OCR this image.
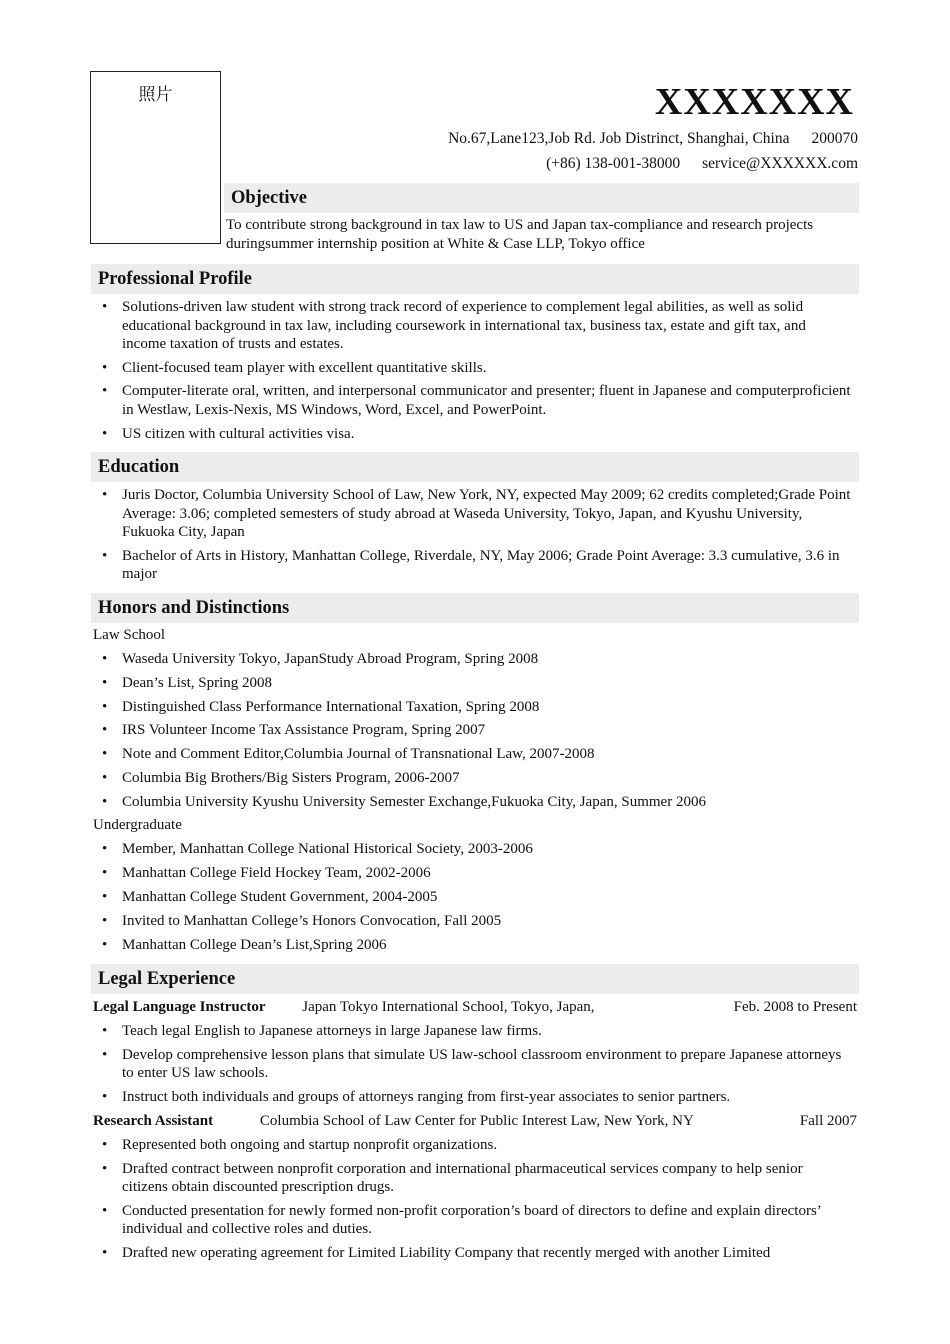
照片	XXXXXXX
No.67,Lane123,Job Rd. Job Distrinct, Shanghai, China 200070
(+86) 138-001-38000 service@XXXXXX.com
Objective
To contribute strong background in tax law to US and Japan tax-compliance and research projects
duringsummer internship position at White & Case LLP, Tokyo office
Professional Profile
• Solutions-driven law student with strong track record of experience to complement legal abilities, as well as solid educational background in tax law, including coursework in international tax, business tax, estate and gift tax, and income taxation of trusts and estates.
• Client-focused team player with excellent quantitative skills.
• Computer-literate oral, written, and interpersonal communicator and presenter; fluent in Japanese and computerproficient in Westlaw, Lexis-Nexis, MS Windows, Word, Excel, and PowerPoint.
• US citizen with cultural activities visa.
Education
• Juris Doctor, Columbia University School of Law, New York, NY, expected May 2009; 62 credits completed;Grade Point Average: 3.06; completed semesters of study abroad at Waseda University, Tokyo, Japan, and Kyushu University, Fukuoka City, Japan
• Bachelor of Arts in History, Manhattan College, Riverdale, NY, May 2006; Grade Point Average: 3.3 cumulative, 3.6 in major
Honors and Distinctions
Law School
• Waseda University Tokyo, JapanStudy Abroad Program, Spring 2008
• Dean’s List, Spring 2008
• Distinguished Class Performance International Taxation, Spring 2008
• IRS Volunteer Income Tax Assistance Program, Spring 2007
• Note and Comment Editor,Columbia Journal of Transnational Law, 2007-2008
• Columbia Big Brothers/Big Sisters Program, 2006-2007
• Columbia University Kyushu University Semester Exchange,Fukuoka City, Japan, Summer 2006
Undergraduate
• Member, Manhattan College National Historical Society, 2003-2006
• Manhattan College Field Hockey Team, 2002-2006
• Manhattan College Student Government, 2004-2005
• Invited to Manhattan College’s Honors Convocation, Fall 2005
• Manhattan College Dean’s List,Spring 2006
Legal Experience
Legal Language Instructor Japan Tokyo International School, Tokyo, Japan,	Feb. 2008 to Present
• Teach legal English to Japanese attorneys in large Japanese law firms.
• Develop comprehensive lesson plans that simulate US law-school classroom environment to prepare Japanese attorneys to enter US law schools.
• Instruct both individuals and groups of attorneys ranging from first-year associates to senior partners.
Research Assistant	Columbia School of Law Center for Public Interest Law, New York, NY	Fall 2007
• Represented both ongoing and startup nonprofit organizations.
• Drafted contract between nonprofit corporation and international pharmaceutical services company to help senior citizens obtain discounted prescription drugs.
• Conducted presentation for newly formed non-profit corporation’s board of directors to define and explain directors’ individual and collective roles and duties.
• Drafted new operating agreement for Limited Liability Company that recently merged with another Limited
